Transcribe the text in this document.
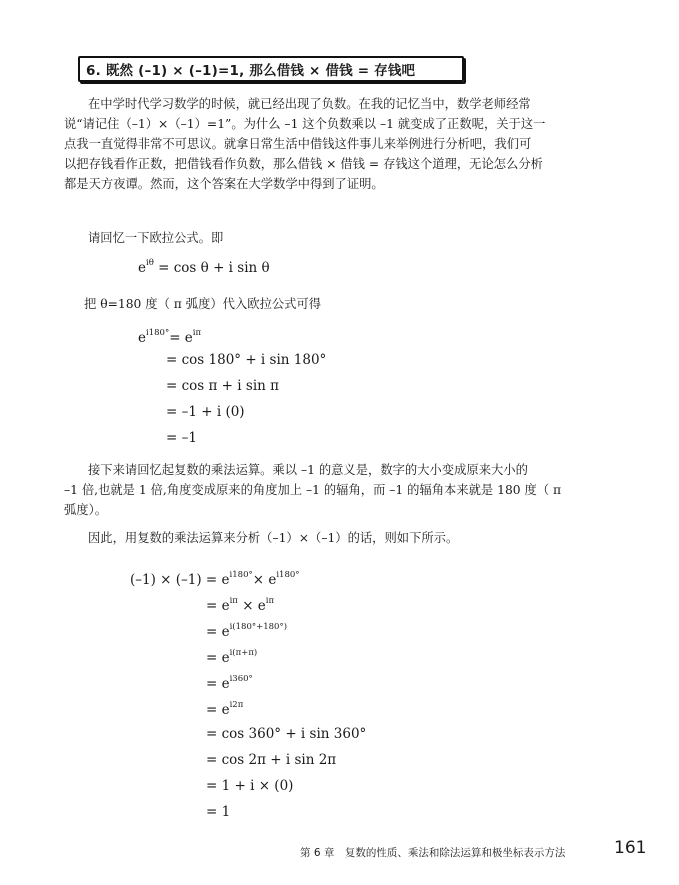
6. 既然 (–1) × (–1)=1, 那么借钱 × 借钱 = 存钱吧

在中学时代学习数学的时候，就已经出现了负数。在我的记忆当中，数学老师经常
说“请记住（–1）×（–1）=1”。为什么 –1 这个负数乘以 –1 就变成了正数呢，关于这一
点我一直觉得非常不可思议。就拿日常生活中借钱这件事儿来举例进行分析吧，我们可
以把存钱看作正数，把借钱看作负数，那么借钱 × 借钱 = 存钱这个道理，无论怎么分析
都是天方夜谭。然而，这个答案在大学数学中得到了证明。

请回忆一下欧拉公式。即

$e^{i\theta} = \cos \theta + i$ sin θ

把 θ=180 度（ π 弧度）代入欧拉公式可得

$e^{i180^\circ}= e^{i\pi}$
= cos 180° + i sin 180°
= cos π + i sin π
= –1 + i (0)
= –1

接下来请回忆起复数的乘法运算。乘以 –1 的意义是，数字的大小变成原来大小的
–1 倍,也就是 1 倍,角度变成原来的角度加上 –1 的辐角，而 –1 的辐角本来就是 180 度（ π
弧度）。

因此，用复数的乘法运算来分析（–1）×（–1）的话，则如下所示。

$(-1) \times (-1) = e^{i180^\circ}\times e^{i180^\circ}$
= $e^{i\pi} \times e^{i\pi}$
= $e^{i(180^\circ+180^\circ)}$
= $e^{i(\pi+\pi)}$
= $e^{i360^\circ}$
= $e^{i2\pi}$
= cos 360° + i sin 360°
= cos 2π + i sin 2π
= 1 + i × (0)
= 1
第 6 章　复数的性质、乘法和除法运算和极坐标表示方法	161
